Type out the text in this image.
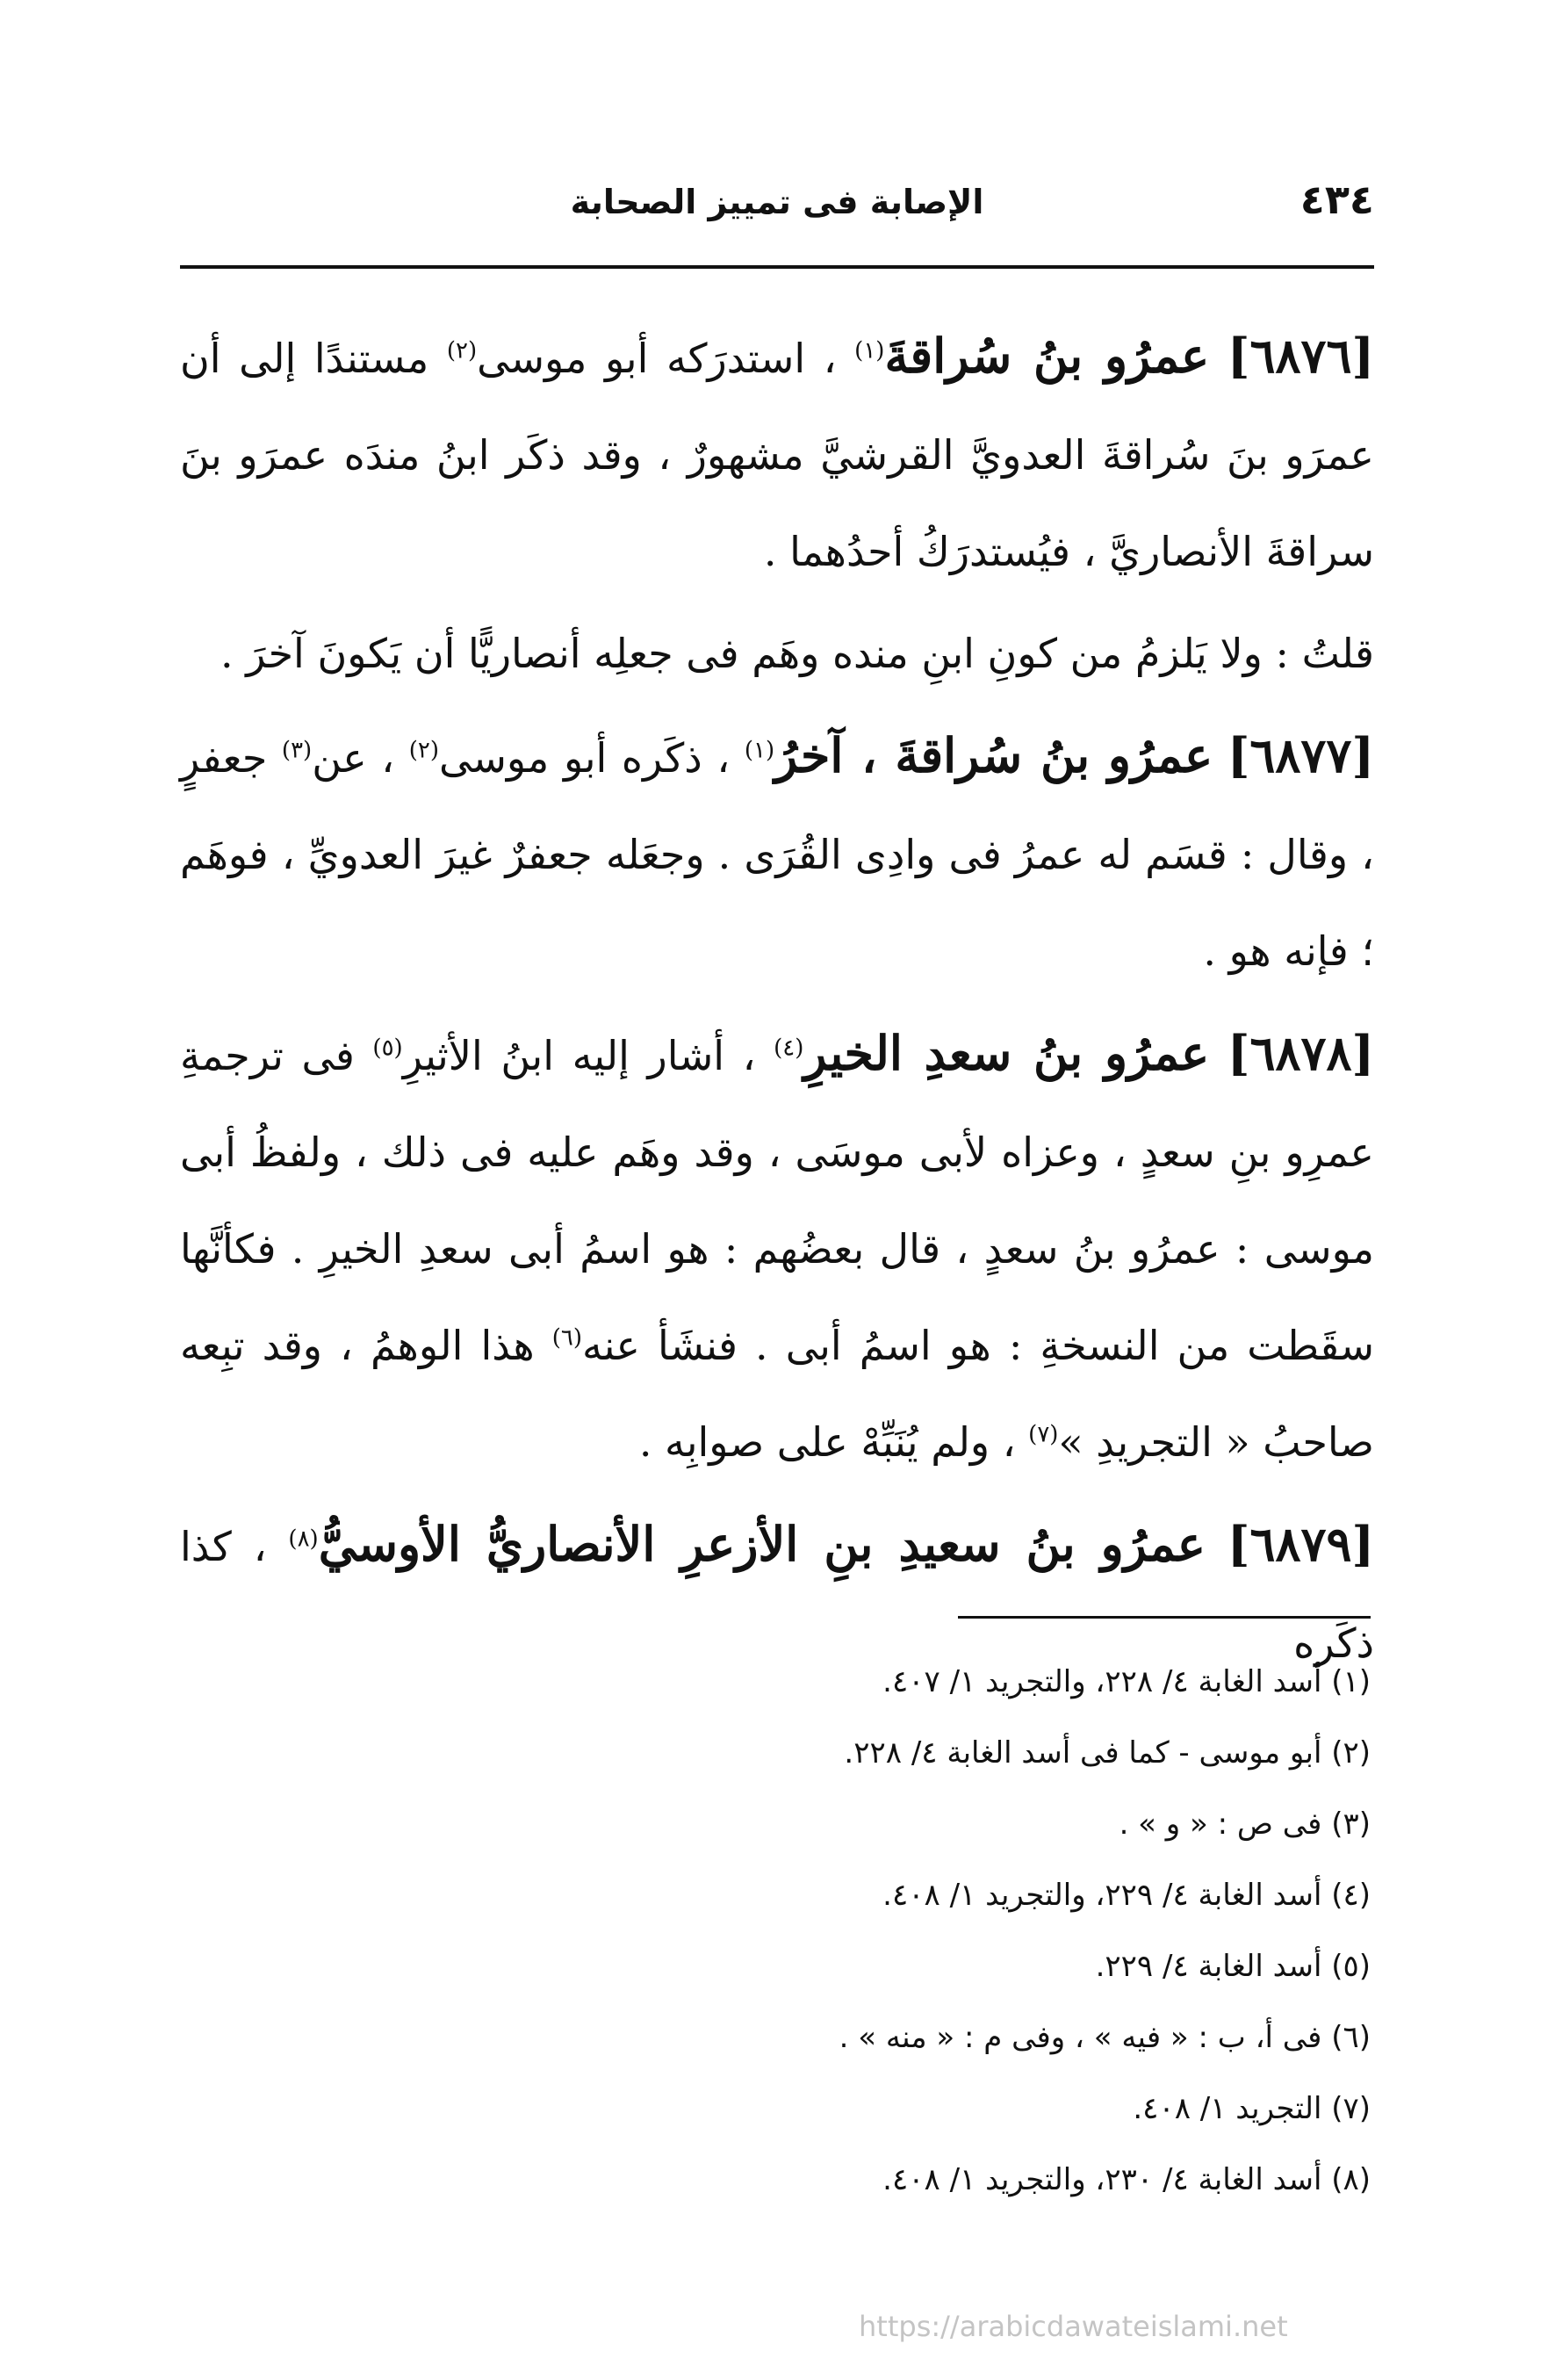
٤٣٤
الإصابة فى تمييز الصحابة

[٦٨٧٦] عمرُو بنُ سُراقةَ$^{(١)}$ ، استدرَكه أبو موسى$^{(٢)}$ مستندًا إلى أن عمرَو بنَ سُراقةَ العدويَّ القرشيَّ مشهورٌ ، وقد ذكَر ابنُ مندَه عمرَو بنَ سراقةَ الأنصاريَّ ، فيُستدرَكُ أحدُهما .

قلتُ : ولا يَلزمُ من كونِ ابنِ منده وهَم فى جعلِه أنصاريًّا أن يَكونَ آخرَ .

[٦٨٧٧] عمرُو بنُ سُراقةَ ، آخرُ$^{(١)}$ ، ذكَره أبو موسى$^{(٢)}$ ، عن$^{(٣)}$ جعفرٍ ، وقال : قسَم له عمرُ فى وادِى القُرَى . وجعَله جعفرٌ غيرَ العدويِّ ، فوهَم ؛ فإنه هو .

[٦٨٧٨] عمرُو بنُ سعدِ الخيرِ$^{(٤)}$ ، أشار إليه ابنُ الأثيرِ$^{(٥)}$ فى ترجمةِ عمرِو بنِ سعدٍ ، وعزاه لأبى موسَى ، وقد وهَم عليه فى ذلك ، ولفظُ أبى موسى : عمرُو بنُ سعدٍ ، قال بعضُهم : هو اسمُ أبى سعدِ الخيرِ . فكأنَّها سقَطت من النسخةِ : هو اسمُ أبى . فنشَأ عنه$^{(٦)}$ هذا الوهمُ ، وقد تبِعه صاحبُ « التجريدِ »$^{(٧)}$ ، ولم يُنَبِّهْ على صوابِه .

[٦٨٧٩] عمرُو بنُ سعيدِ بنِ الأزعرِ الأنصاريُّ الأوسيُّ$^{(٨)}$ ، كذا ذكَره

(١) أسد الغابة ٤/ ٢٢٨، والتجريد ١/ ٤٠٧.
(٢) أبو موسى - كما فى أسد الغابة ٤/ ٢٢٨.
(٣) فى ص : « و » .
(٤) أسد الغابة ٤/ ٢٢٩، والتجريد ١/ ٤٠٨.
(٥) أسد الغابة ٤/ ٢٢٩.
(٦) فى أ، ب : « فيه » ، وفى م : « منه » .
(٧) التجريد ١/ ٤٠٨.
(٨) أسد الغابة ٤/ ٢٣٠، والتجريد ١/ ٤٠٨.
https://arabicdawateislami.net
